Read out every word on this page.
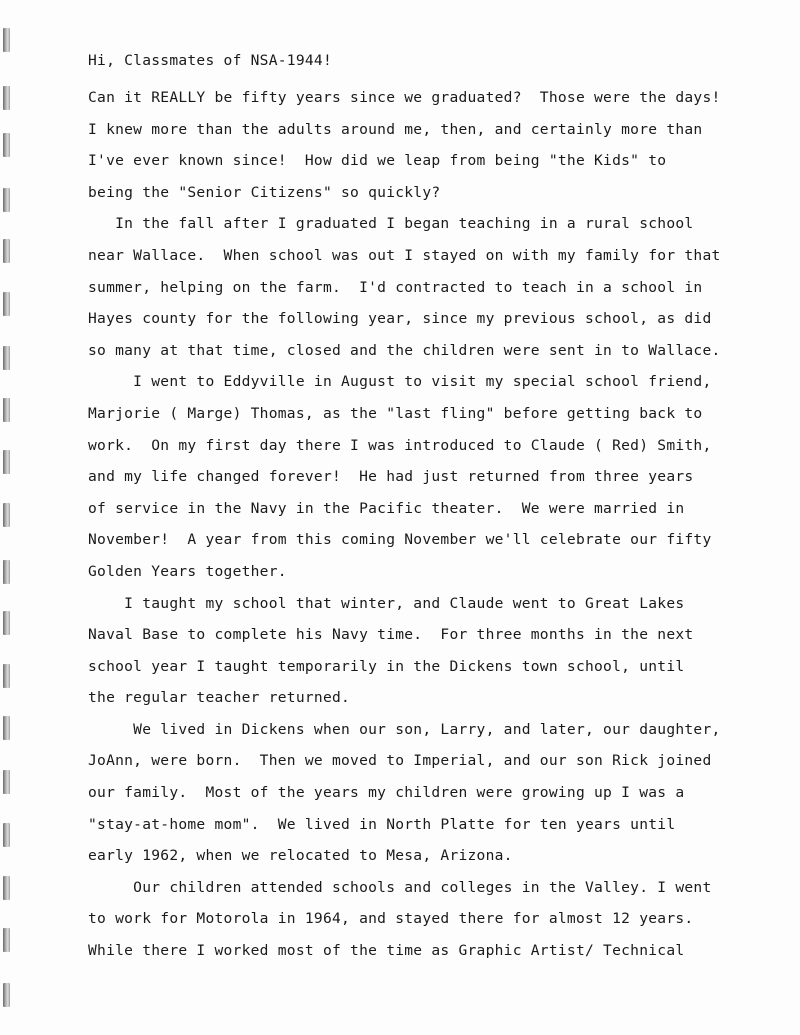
Hi, Classmates of NSA-1944!
Can it REALLY be fifty years since we graduated?  Those were the days!
I knew more than the adults around me, then, and certainly more than
I've ever known since!  How did we leap from being "the Kids" to
being the "Senior Citizens" so quickly?
In the fall after I graduated I began teaching in a rural school
near Wallace.  When school was out I stayed on with my family for that
summer, helping on the farm.  I'd contracted to teach in a school in
Hayes county for the following year, since my previous school, as did
so many at that time, closed and the children were sent in to Wallace.
I went to Eddyville in August to visit my special school friend,
Marjorie ( Marge) Thomas, as the "last fling" before getting back to
work.  On my first day there I was introduced to Claude ( Red) Smith,
and my life changed forever!  He had just returned from three years
of service in the Navy in the Pacific theater.  We were married in
November!  A year from this coming November we'll celebrate our fifty
Golden Years together.
I taught my school that winter, and Claude went to Great Lakes
Naval Base to complete his Navy time.  For three months in the next
school year I taught temporarily in the Dickens town school, until
the regular teacher returned.
We lived in Dickens when our son, Larry, and later, our daughter,
JoAnn, were born.  Then we moved to Imperial, and our son Rick joined
our family.  Most of the years my children were growing up I was a
"stay-at-home mom".  We lived in North Platte for ten years until
early 1962, when we relocated to Mesa, Arizona.
Our children attended schools and colleges in the Valley. I went
to work for Motorola in 1964, and stayed there for almost 12 years.
While there I worked most of the time as Graphic Artist/ Technical
